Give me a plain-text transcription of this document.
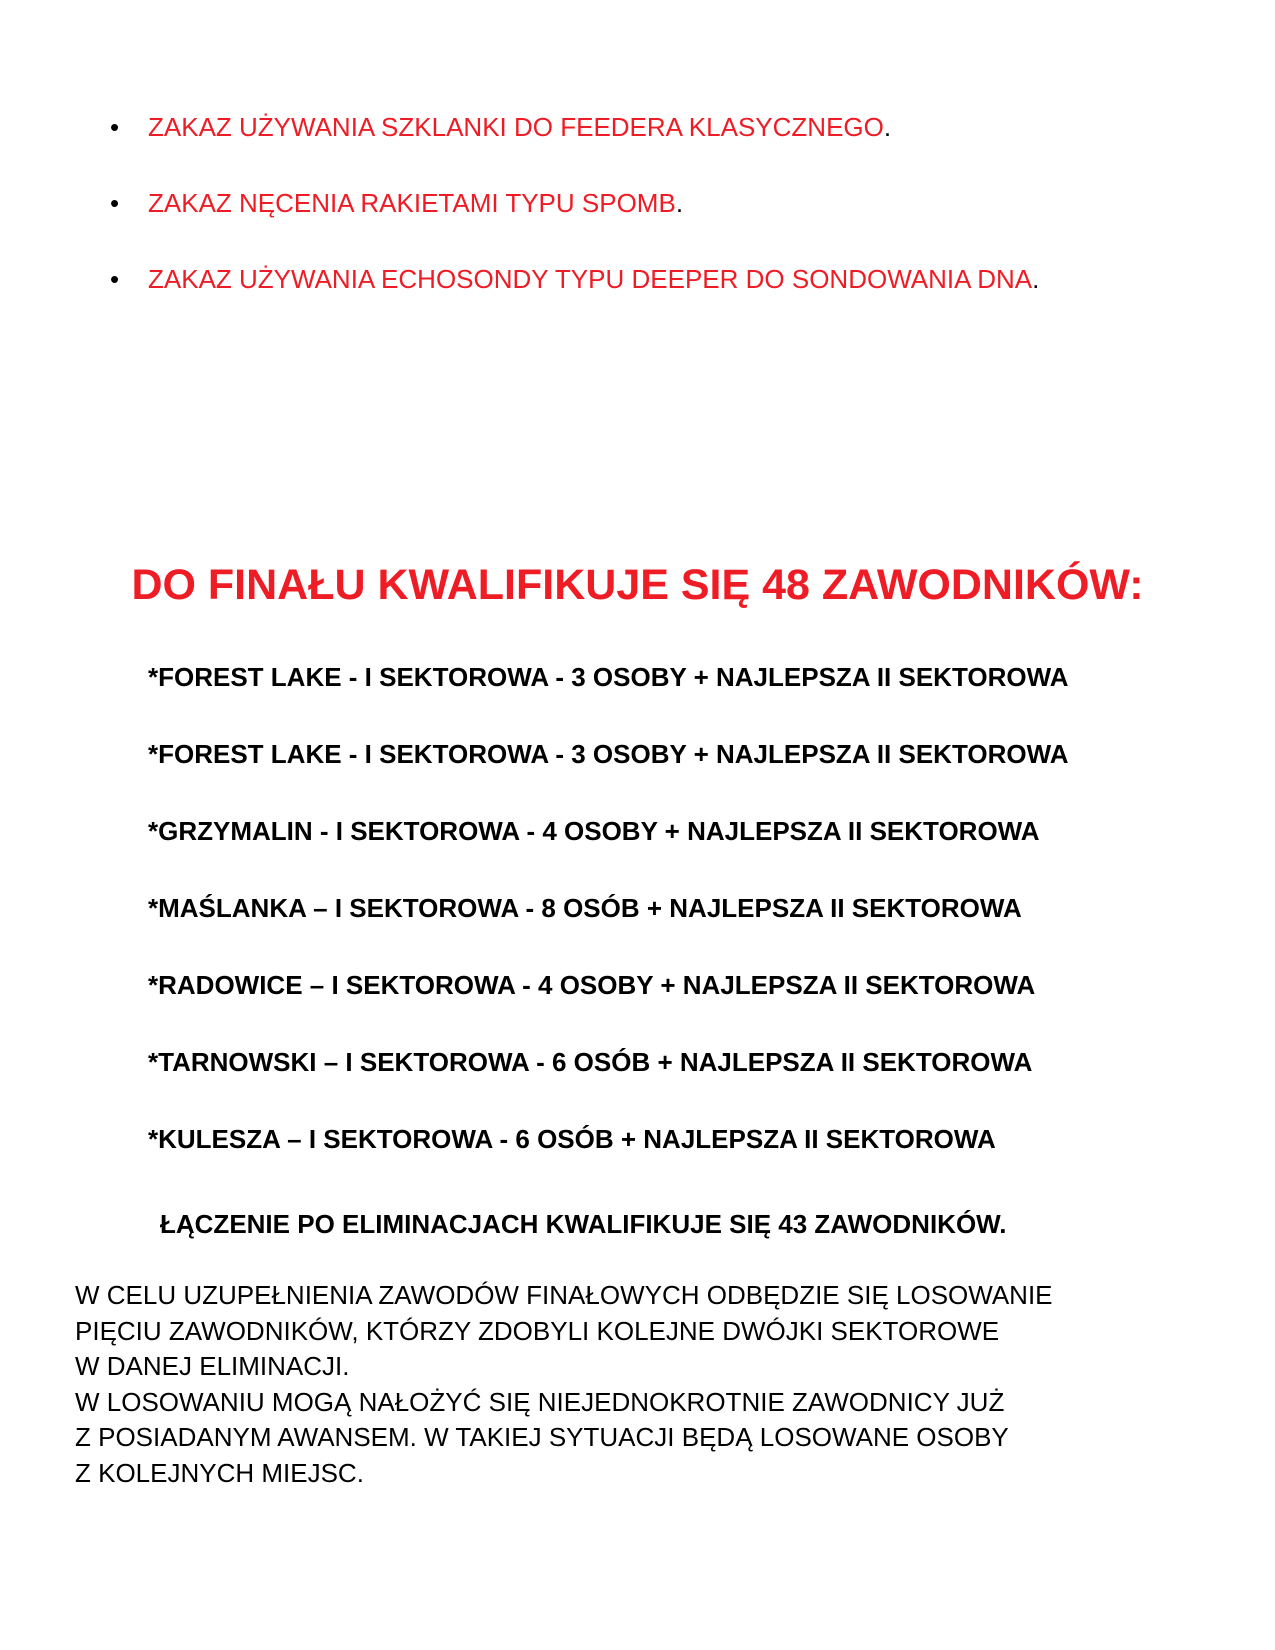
• ZAKAZ UŻYWANIA SZKLANKI DO FEEDERA KLASYCZNEGO.
• ZAKAZ NĘCENIA RAKIETAMI TYPU SPOMB.
• ZAKAZ UŻYWANIA ECHOSONDY TYPU DEEPER DO SONDOWANIA DNA.
DO FINAŁU KWALIFIKUJE SIĘ 48 ZAWODNIKÓW:
*FOREST LAKE - I SEKTOROWA - 3 OSOBY + NAJLEPSZA II SEKTOROWA
*FOREST LAKE - I SEKTOROWA - 3 OSOBY + NAJLEPSZA II SEKTOROWA
*GRZYMALIN - I SEKTOROWA - 4 OSOBY + NAJLEPSZA II SEKTOROWA
*MAŚLANKA – I SEKTOROWA - 8 OSÓB + NAJLEPSZA II SEKTOROWA
*RADOWICE – I SEKTOROWA - 4 OSOBY + NAJLEPSZA II SEKTOROWA
*TARNOWSKI – I SEKTOROWA - 6 OSÓB + NAJLEPSZA II SEKTOROWA
*KULESZA – I SEKTOROWA - 6 OSÓB + NAJLEPSZA II SEKTOROWA
ŁĄCZENIE PO ELIMINACJACH KWALIFIKUJE SIĘ 43 ZAWODNIKÓW.
W CELU UZUPEŁNIENIA ZAWODÓW FINAŁOWYCH ODBĘDZIE SIĘ LOSOWANIE
PIĘCIU ZAWODNIKÓW, KTÓRZY ZDOBYLI KOLEJNE DWÓJKI SEKTOROWE
W DANEJ ELIMINACJI.
W LOSOWANIU MOGĄ NAŁOŻYĆ SIĘ NIEJEDNOKROTNIE ZAWODNICY JUŻ
Z POSIADANYM AWANSEM. W TAKIEJ SYTUACJI BĘDĄ LOSOWANE OSOBY
Z KOLEJNYCH MIEJSC.
